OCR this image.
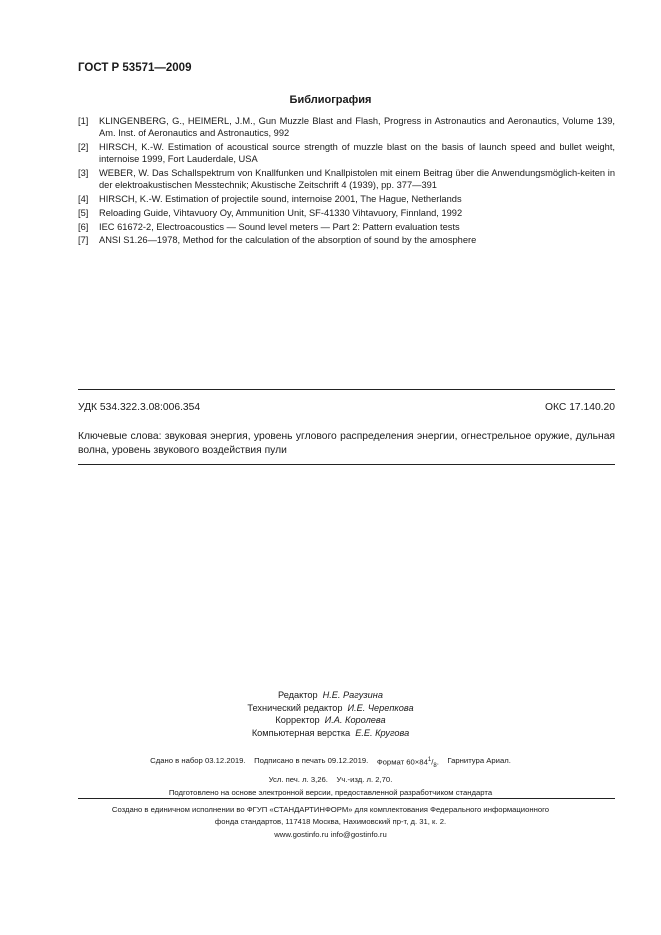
ГОСТ Р 53571—2009
Библиография
[1]	KLINGENBERG, G., HEIMERL, J.M., Gun Muzzle Blast and Flash, Progress in Astronautics and Aeronautics, Volume 139, Am. Inst. of Aeronautics and Astronautics, 992
[2]	HIRSCH, K.-W. Estimation of acoustical source strength of muzzle blast on the basis of launch speed and bullet weight, internoise 1999, Fort Lauderdale, USA
[3]	WEBER, W. Das Schallspektrum von Knallfunken und Knallpistolen mit einem Beitrag über die Anwendungsmöglich-keiten in der elektroakustischen Messtechnik; Akustische Zeitschrift 4 (1939), pp. 377—391
[4]	HIRSCH, K.-W. Estimation of projectile sound, internoise 2001, The Hague, Netherlands
[5]	Reloading Guide, Vihtavuory Oy, Ammunition Unit, SF-41330 Vihtavuory, Finnland, 1992
[6]	IEC 61672-2, Electroacoustics — Sound level meters — Part 2: Pattern evaluation tests
[7]	ANSI S1.26—1978, Method for the calculation of the absorption of sound by the amosphere
УДК 534.322.3.08:006.354	ОКС 17.140.20
Ключевые слова: звуковая энергия, уровень углового распределения энергии, огнестрельное оружие, дульная волна, уровень звукового воздействия пули
Редактор Н.Е. Рагузина
Технический редактор И.Е. Черепкова
Корректор И.А. Королева
Компьютерная верстка Е.Е. Кругова
Сдано в набор 03.12.2019.
Подписано в печать 09.12.2019.
Формат $60\times 84^1/_8$.
Гарнитура Ариал.
Усл. печ. л. 3,26.
Уч.-изд. л. 2,70.
Подготовлено на основе электронной версии, предоставленной разработчиком стандарта
Создано в единичном исполнении во ФГУП «СТАНДАРТИНФОРМ» для комплектования Федерального информационного
фонда стандартов, 117418 Москва, Нахимовский пр-т, д. 31, к. 2.
www.gostinfo.ru info@gostinfo.ru
